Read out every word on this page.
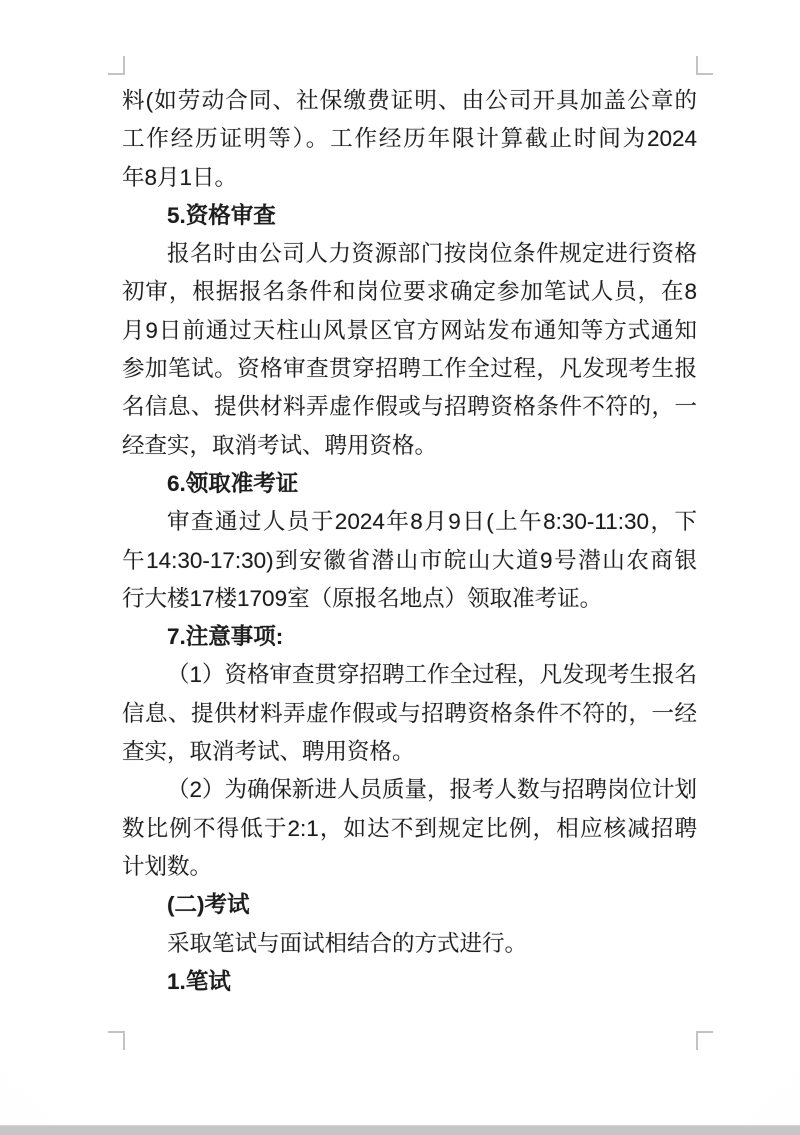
料(如劳动合同、社保缴费证明、由公司开具加盖公章的
工作经历证明等）。工作经历年限计算截止时间为2024
年8月1日。
5.资格审查
报名时由公司人力资源部门按岗位条件规定进行资格
初审，根据报名条件和岗位要求确定参加笔试人员，在8
月9日前通过天柱山风景区官方网站发布通知等方式通知
参加笔试。资格审查贯穿招聘工作全过程，凡发现考生报
名信息、提供材料弄虚作假或与招聘资格条件不符的，一
经查实，取消考试、聘用资格。
6.领取准考证
审查通过人员于2024年8月9日(上午8:30-11:30，下
午14:30-17:30)到安徽省潜山市皖山大道9号潜山农商银
行大楼17楼1709室（原报名地点）领取准考证。
7.注意事项:
（1）资格审查贯穿招聘工作全过程，凡发现考生报名
信息、提供材料弄虚作假或与招聘资格条件不符的，一经
查实，取消考试、聘用资格。
（2）为确保新进人员质量，报考人数与招聘岗位计划
数比例不得低于2:1，如达不到规定比例，相应核减招聘
计划数。
(二)考试
采取笔试与面试相结合的方式进行。
1.笔试
